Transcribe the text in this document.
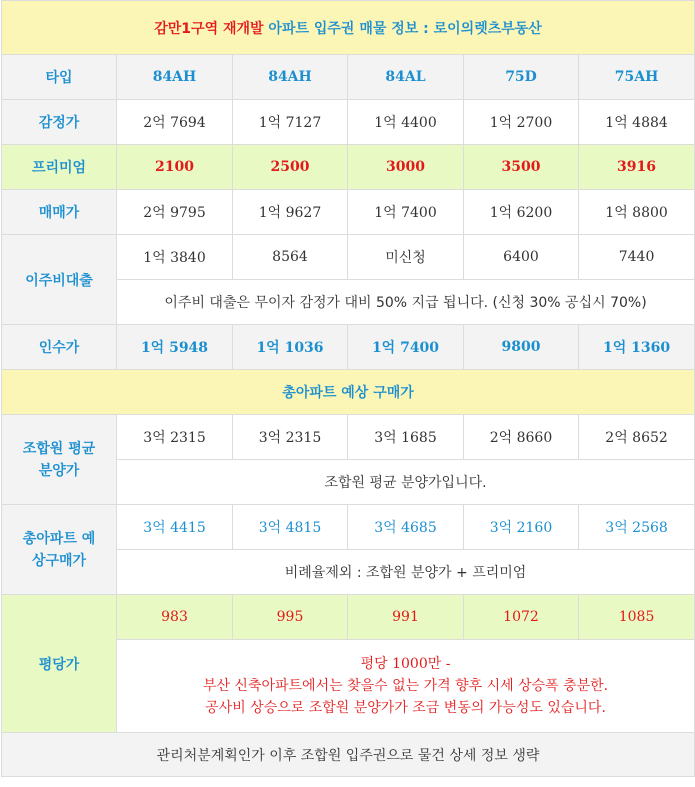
감만1구역 재개발 아파트 입주권 매물 정보 : 로이의렛츠부동산					
타입	84AH	84AH	84AL	75D	75AH
감정가	2억 7694	1억 7127	1억 4400	1억 2700	1억 4884
프리미엄	2100	2500	3000	3500	3916
매매가	2억 9795	1억 9627	1억 7400	1억 6200	1억 8800
이주비대출	1억 3840	8564	미신청	6400	7440
	이주비 대출은 무이자 감정가 대비 50% 지급 됩니다. (신청 30% 공십시 70%)				
인수가	1억 5948	1억 1036	1억 7400	9800	1억 1360
총아파트 예상 구매가					
조합원 평균 분양가	3억 2315	3억 2315	3억 1685	2억 8660	2억 8652
	조합원 평균 분양가입니다.				
총아파트 예상구매가	3억 4415	3억 4815	3억 4685	3억 2160	3억 2568
	비례율제외 : 조합원 분양가 + 프리미엄				
평당가	983	995	991	1072	1085

	평당 1000만 -
부산 신축아파트에서는 찾을수 없는 가격 향후 시세 상승폭 충분한.
공사비 상승으로 조합원 분양가가 조금 변동의 가능성도 있습니다.				

관리처분계획인가 이후 조합원 입주권으로 물건 상세 정보 생략					
